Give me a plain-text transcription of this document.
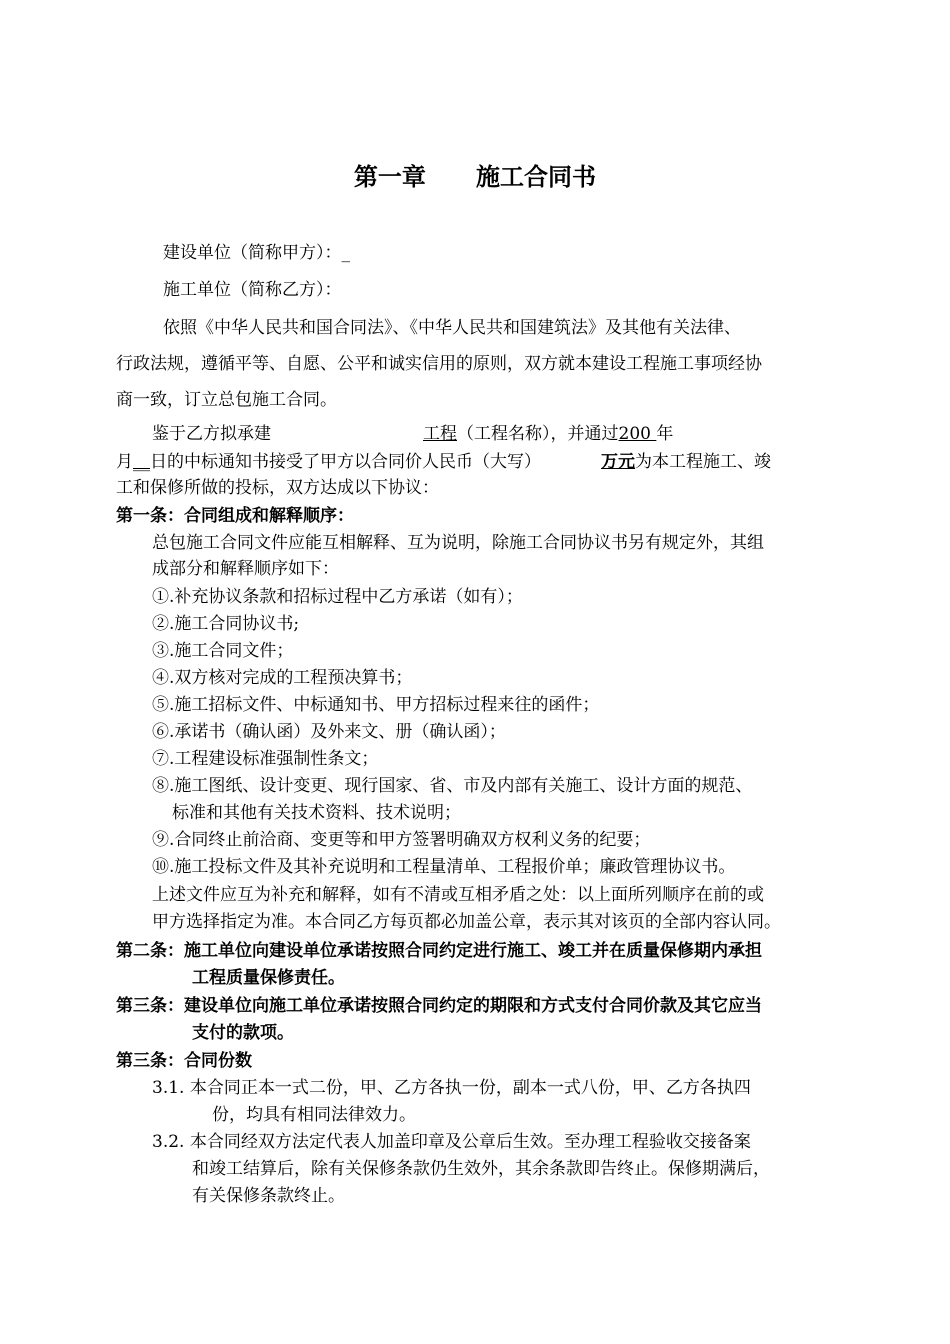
第一章      施工合同书
建设单位（简称甲方）：_
施工单位（简称乙方）：
依照《中华人民共和国合同法》、《中华人民共和国建筑法》及其他有关法律、
行政法规，遵循平等、自愿、公平和诚实信用的原则，双方就本建设工程施工事项经协
商一致，订立总包施工合同。
鉴于乙方拟承建	工程（工程名称），并通过200 年
月__日的中标通知书接受了甲方以合同价人民币（大写）	万元为本工程施工、竣
工和保修所做的投标，双方达成以下协议：
第一条：合同组成和解释顺序：
总包施工合同文件应能互相解释、互为说明，除施工合同协议书另有规定外，其组
成部分和解释顺序如下：
①.补充协议条款和招标过程中乙方承诺（如有）；
②.施工合同协议书;
③.施工合同文件；
④.双方核对完成的工程预决算书；
⑤.施工招标文件、中标通知书、甲方招标过程来往的函件；
⑥.承诺书（确认函）及外来文、册（确认函）；
⑦.工程建设标准强制性条文；
⑧.施工图纸、设计变更、现行国家、省、市及内部有关施工、设计方面的规范、
标准和其他有关技术资料、技术说明；
⑨.合同终止前洽商、变更等和甲方签署明确双方权利义务的纪要；
⑩.施工投标文件及其补充说明和工程量清单、工程报价单；廉政管理协议书。
上述文件应互为补充和解释，如有不清或互相矛盾之处：以上面所列顺序在前的或
甲方选择指定为准。本合同乙方每页都必加盖公章，表示其对该页的全部内容认同。
第二条：施工单位向建设单位承诺按照合同约定进行施工、竣工并在质量保修期内承担
工程质量保修责任。
第三条：建设单位向施工单位承诺按照合同约定的期限和方式支付合同价款及其它应当
支付的款项。
第三条：合同份数
3.1. 本合同正本一式二份，甲、乙方各执一份，副本一式八份，甲、乙方各执四
份，均具有相同法律效力。
3.2. 本合同经双方法定代表人加盖印章及公章后生效。至办理工程验收交接备案
和竣工结算后，除有关保修条款仍生效外，其余条款即告终止。保修期满后，
有关保修条款终止。
